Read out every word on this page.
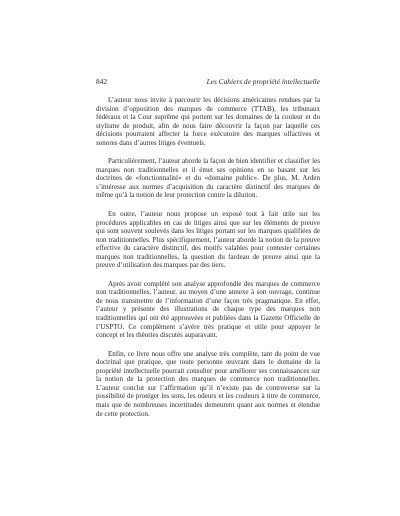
842	Les Cahiers de propriété intellectuelle

L’auteur nous invite à parcourir les décisions américaines rendues par la division d’opposition des marques de commerce (TTAB), les tribunaux fédéraux et la Cour suprême qui portent sur les domaines de la couleur et du stylisme de produit, afin de nous faire découvrir la façon par laquelle ces décisions pourraient affecter la force exécutoire des marques olfactives et sonores dans d’autres litiges éventuels.

Particulièrement, l’auteur aborde la façon de bien identifier et classifier les marques non traditionnelles et il émet ses opinions en se basant sur les doctrines de «fonctionnalité» et du «domaine public». De plus, M. Arden s’intéresse aux normes d’acquisition du caractère distinctif des marques de même qu’à la notion de leur protection contre la dilution.

En outre, l’auteur nous propose un exposé tout à fait utile sur les procédures applicables en cas de litiges ainsi que sur les éléments de preuve qui sont souvent soulevés dans les litiges portant sur les marques qualifiées de non traditionnelles. Plus spécifiquement, l’auteur aborde la notion de la preuve effective du caractère distinctif, des motifs valables pour contester certaines marques non traditionnelles, la question du fardeau de preuve ainsi que la preuve d’utilisation des marques par des tiers.

Après avoir complété son analyse approfondie des marques de commerce non traditionnelles, l’auteur, au moyen d’une annexe à son ouvrage, continue de nous transmettre de l’information d’une façon très pragmatique. En effet, l’auteur y présente des illustrations de chaque type des marques non traditionnelles qui ont été approuvées et publiées dans la Gazette Officielle de l’USPTO. Ce complément s’avère très pratique et utile pour appuyer le concept et les théories discutés auparavant.

Enfin, ce livre nous offre une analyse très complète, tant du point de vue doctrinal que pratique, que toute personne œuvrant dans le domaine de la propriété intellectuelle pourrait consulter pour améliorer ses connaissances sur la notion de la protection des marques de commerce non traditionnelles. L’auteur conclut sur l’affirmation qu’il n’existe pas de controverse sur la possibilité de protéger les sons, les odeurs et les couleurs à titre de commerce, mais que de nombreuses incertitudes demeurent quant aux normes et étendue de cette protection.
